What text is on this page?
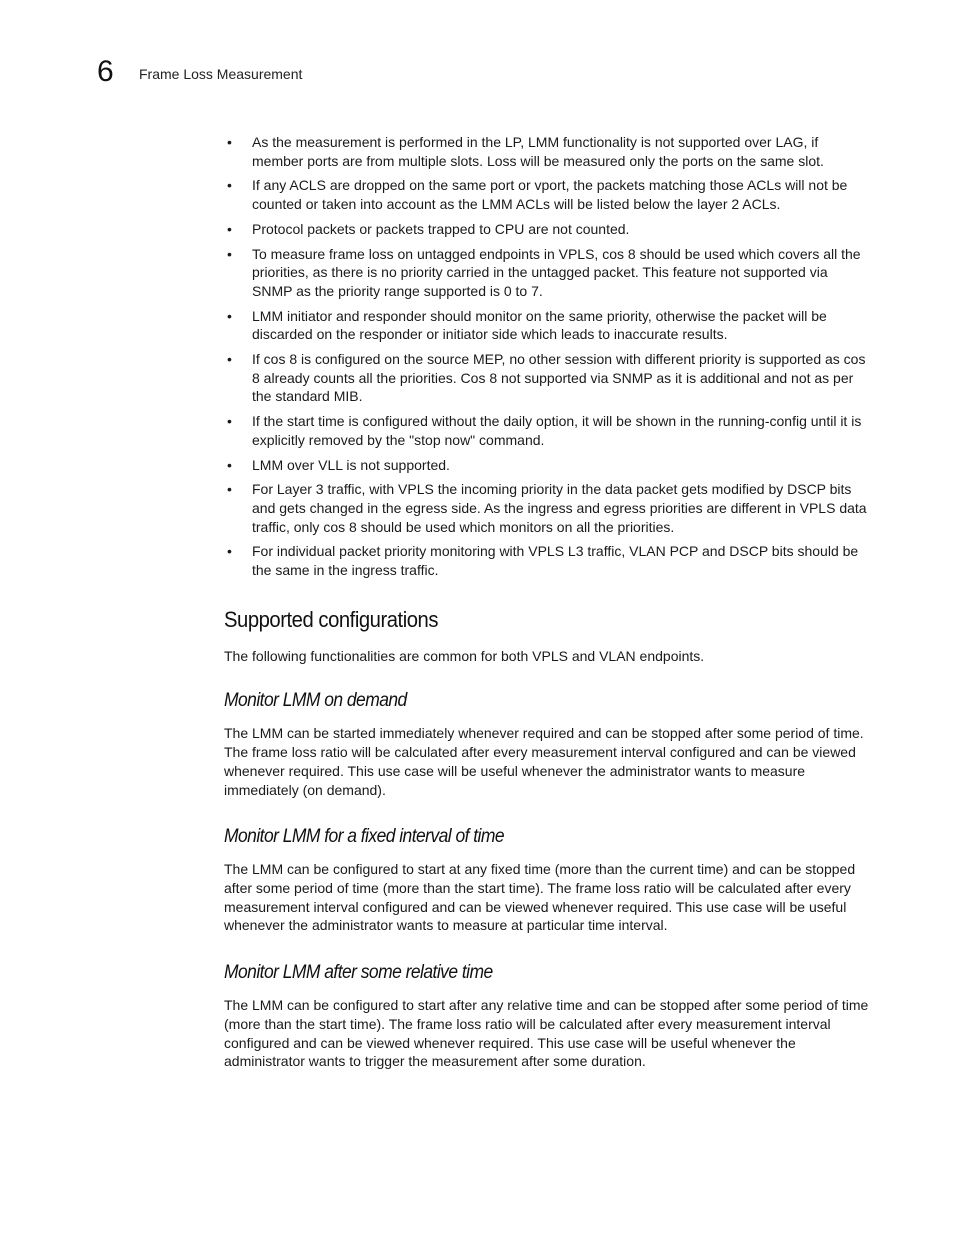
6	Frame Loss Measurement
• As the measurement is performed in the LP, LMM functionality is not supported over LAG, if member ports are from multiple slots. Loss will be measured only the ports on the same slot.
• If any ACLS are dropped on the same port or vport, the packets matching those ACLs will not be counted or taken into account as the LMM ACLs will be listed below the layer 2 ACLs.
• Protocol packets or packets trapped to CPU are not counted.
• To measure frame loss on untagged endpoints in VPLS, cos 8 should be used which covers all the priorities, as there is no priority carried in the untagged packet. This feature not supported via SNMP as the priority range supported is 0 to 7.
• LMM initiator and responder should monitor on the same priority, otherwise the packet will be discarded on the responder or initiator side which leads to inaccurate results.
• If cos 8 is configured on the source MEP, no other session with different priority is supported as cos 8 already counts all the priorities. Cos 8 not supported via SNMP as it is additional and not as per the standard MIB.
• If the start time is configured without the daily option, it will be shown in the running-config until it is explicitly removed by the "stop now" command.
• LMM over VLL is not supported.
• For Layer 3 traffic, with VPLS the incoming priority in the data packet gets modified by DSCP bits and gets changed in the egress side. As the ingress and egress priorities are different in VPLS data traffic, only cos 8 should be used which monitors on all the priorities.
• For individual packet priority monitoring with VPLS L3 traffic, VLAN PCP and DSCP bits should be the same in the ingress traffic.
Supported configurations

The following functionalities are common for both VPLS and VLAN endpoints.

Monitor LMM on demand

The LMM can be started immediately whenever required and can be stopped after some period of time. The frame loss ratio will be calculated after every measurement interval configured and can be viewed whenever required. This use case will be useful whenever the administrator wants to measure immediately (on demand).

Monitor LMM for a fixed interval of time

The LMM can be configured to start at any fixed time (more than the current time) and can be stopped after some period of time (more than the start time). The frame loss ratio will be calculated after every measurement interval configured and can be viewed whenever required. This use case will be useful whenever the administrator wants to measure at particular time interval.

Monitor LMM after some relative time

The LMM can be configured to start after any relative time and can be stopped after some period of time (more than the start time). The frame loss ratio will be calculated after every measurement interval configured and can be viewed whenever required. This use case will be useful whenever the administrator wants to trigger the measurement after some duration.
